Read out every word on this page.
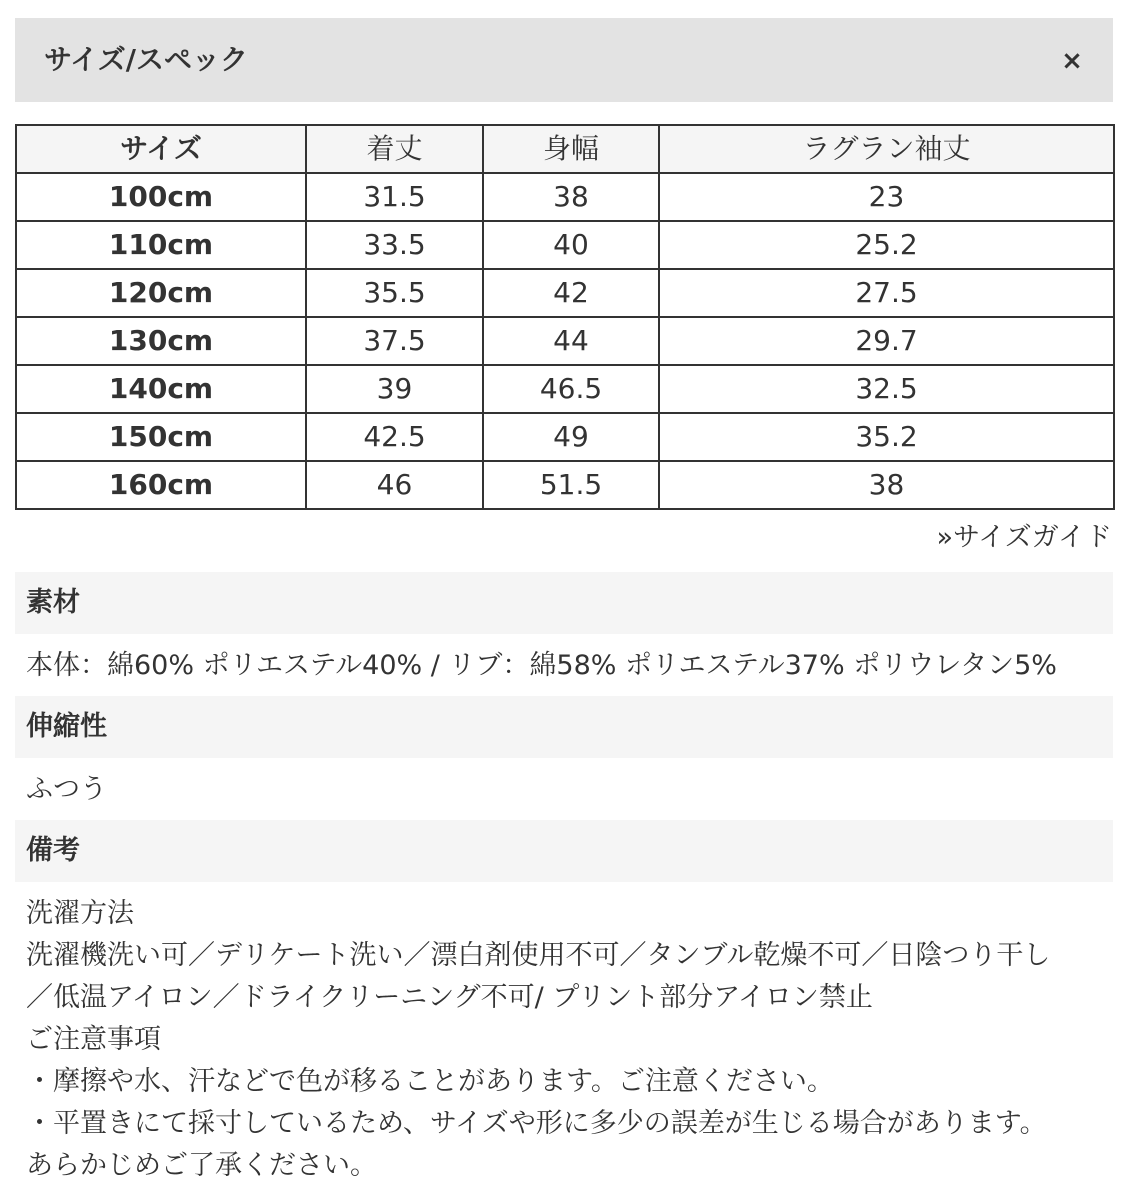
サイズ/スペック	×
サイズ	着丈	身幅	ラグラン袖丈
100cm	31.5	38	23
110cm	33.5	40	25.2
120cm	35.5	42	27.5
130cm	37.5	44	29.7
140cm	39	46.5	32.5
150cm	42.5	49	35.2
160cm	46	51.5	38
»サイズガイド
素材
本体：綿60% ポリエステル40% / リブ：綿58% ポリエステル37% ポリウレタン5%
伸縮性
ふつう
備考
洗濯方法
洗濯機洗い可／デリケート洗い／漂白剤使用不可／タンブル乾燥不可／日陰つり干し
／低温アイロン／ドライクリーニング不可/ プリント部分アイロン禁止
ご注意事項
・摩擦や水、汗などで色が移ることがあります。ご注意ください。
・平置きにて採寸しているため、サイズや形に多少の誤差が生じる場合があります。
あらかじめご了承ください。
